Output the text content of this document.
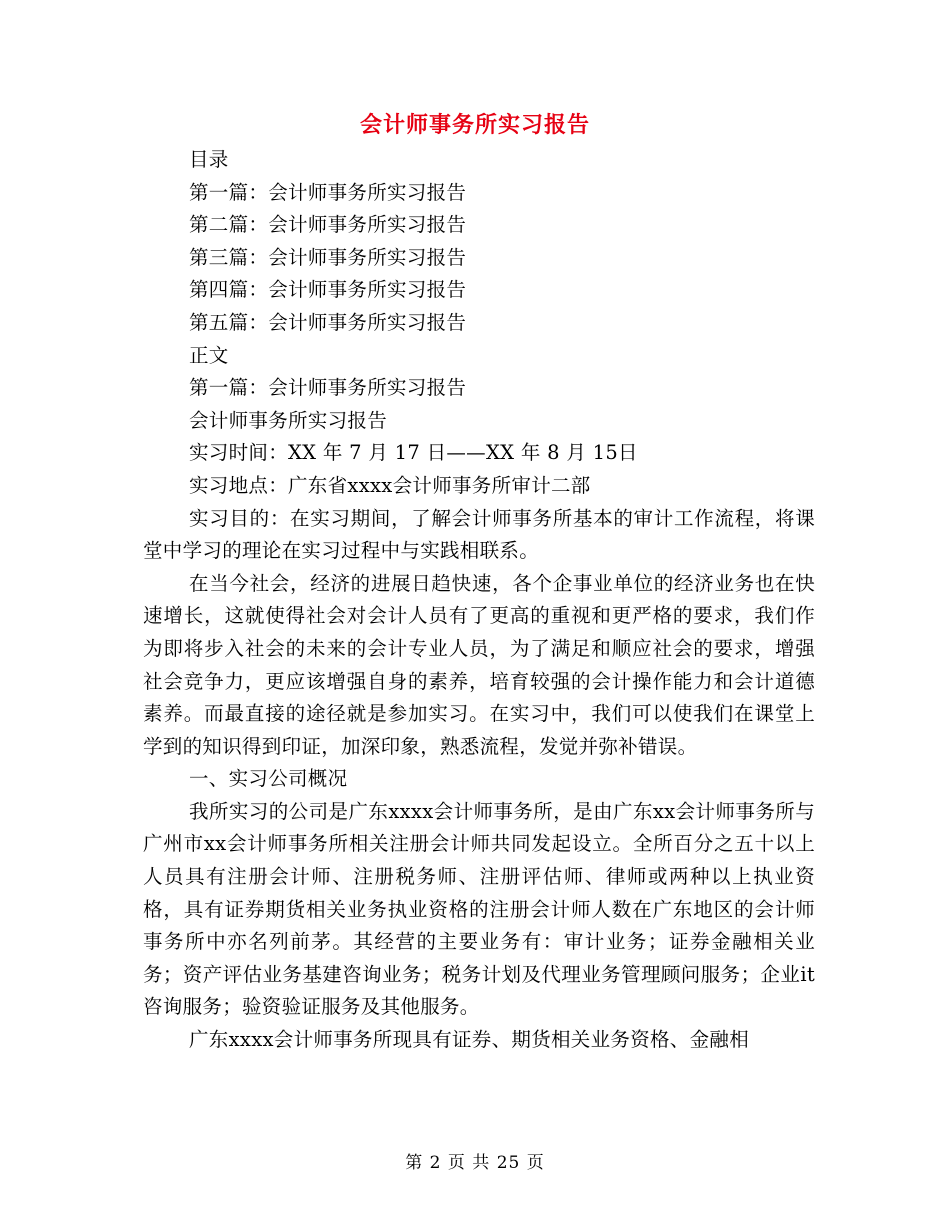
会计师事务所实习报告
目录
第一篇：会计师事务所实习报告
第二篇：会计师事务所实习报告
第三篇：会计师事务所实习报告
第四篇：会计师事务所实习报告
第五篇：会计师事务所实习报告
正文
第一篇：会计师事务所实习报告
会计师事务所实习报告
实习时间：XX 年 7 月 17 日——XX 年 8 月 15日
实习地点：广东省xxxx会计师事务所审计二部

实习目的：在实习期间，了解会计师事务所基本的审计工作流程，将课堂中学习的理论在实习过程中与实践相联系。

在当今社会，经济的进展日趋快速，各个企事业单位的经济业务也在快速增长，这就使得社会对会计人员有了更高的重视和更严格的要求，我们作为即将步入社会的未来的会计专业人员，为了满足和顺应社会的要求，增强社会竞争力，更应该增强自身的素养，培育较强的会计操作能力和会计道德素养。而最直接的途径就是参加实习。在实习中，我们可以使我们在课堂上学到的知识得到印证，加深印象，熟悉流程，发觉并弥补错误。

一、实习公司概况

我所实习的公司是广东xxxx会计师事务所，是由广东xx会计师事务所与广州市xx会计师事务所相关注册会计师共同发起设立。全所百分之五十以上人员具有注册会计师、注册税务师、注册评估师、律师或两种以上执业资格，具有证券期货相关业务执业资格的注册会计师人数在广东地区的会计师事务所中亦名列前茅。其经营的主要业务有：审计业务；证券金融相关业务；资产评估业务基建咨询业务；税务计划及代理业务管理顾问服务；企业it咨询服务；验资验证服务及其他服务。

广东xxxx会计师事务所现具有证券、期货相关业务资格、金融相

第 2 页 共 25 页
